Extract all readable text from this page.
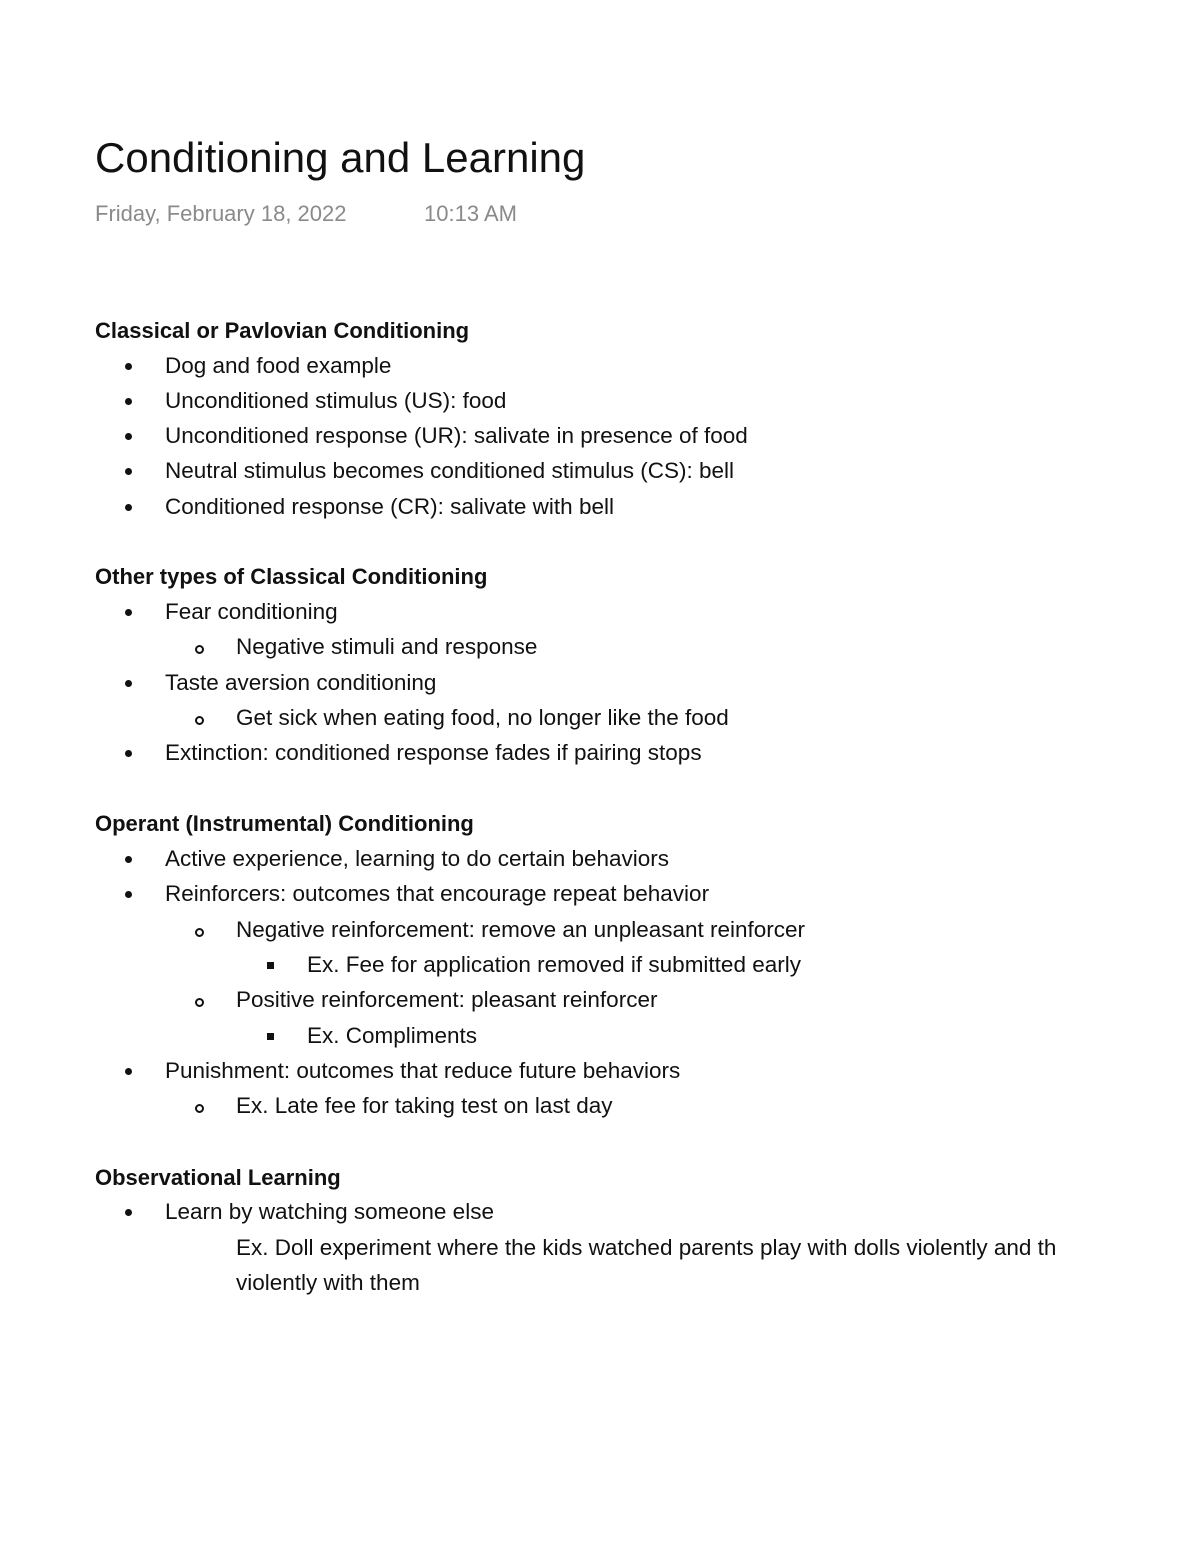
Conditioning and Learning
Friday, February 18, 2022	10:13 AM
Classical or Pavlovian Conditioning
Dog and food example
Unconditioned stimulus (US): food
Unconditioned response (UR): salivate in presence of food
Neutral stimulus becomes conditioned stimulus (CS): bell
Conditioned response (CR): salivate with bell
Other types of Classical Conditioning
Fear conditioning
Negative stimuli and response
Taste aversion conditioning
Get sick when eating food, no longer like the food
Extinction: conditioned response fades if pairing stops
Operant (Instrumental) Conditioning
Active experience, learning to do certain behaviors
Reinforcers: outcomes that encourage repeat behavior
Negative reinforcement: remove an unpleasant reinforcer
Ex. Fee for application removed if submitted early
Positive reinforcement: pleasant reinforcer
Ex. Compliments
Punishment: outcomes that reduce future behaviors
Ex. Late fee for taking test on last day
Observational Learning
Learn by watching someone else
Ex. Doll experiment where the kids watched parents play with dolls violently and th
violently with them
